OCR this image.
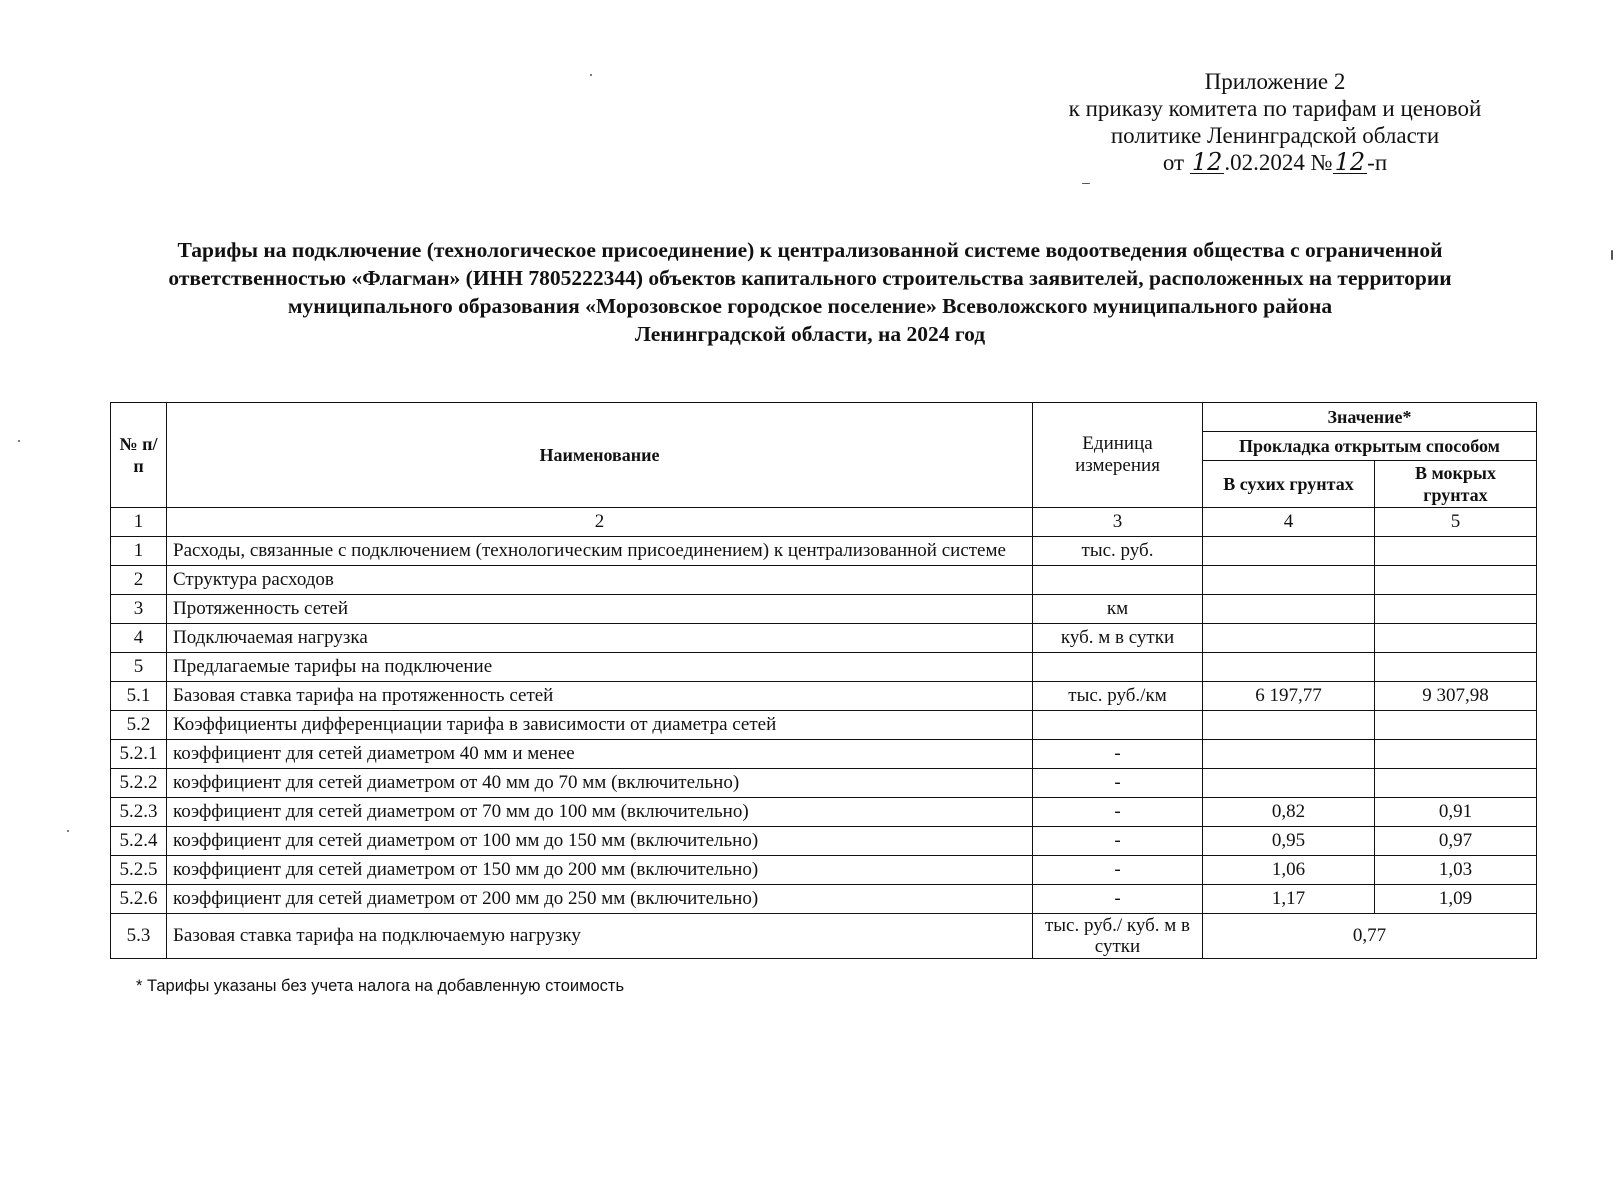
Приложение 2
к приказу комитета по тарифам и ценовой
политике Ленинградской области
от 12.02.2024 №12-п
Тарифы на подключение (технологическое присоединение) к централизованной системе водоотведения общества с ограниченной
ответственностью «Флагман» (ИНН 7805222344) объектов капитального строительства заявителей, расположенных на территории
муниципального образования «Морозовское городское поселение» Всеволожского муниципального района
Ленинградской области, на 2024 год
№ п/п	Наименование	Единица измерения	Значение*	
			Прокладка открытым способом	
			В сухих грунтах	В мокрых грунтах
1	2	3	4	5
1	Расходы, связанные с подключением (технологическим присоединением) к централизованной системе	тыс. руб.		
2	Структура расходов			
3	Протяженность сетей	км		
4	Подключаемая нагрузка	куб. м в сутки		
5	Предлагаемые тарифы на подключение			
5.1	Базовая ставка тарифа на протяженность сетей	тыс. руб./км	6 197,77	9 307,98
5.2	Коэффициенты дифференциации тарифа в зависимости от диаметра сетей			
5.2.1	коэффициент для сетей диаметром 40 мм и менее	-		
5.2.2	коэффициент для сетей диаметром от 40 мм до 70 мм (включительно)	-		
5.2.3	коэффициент для сетей диаметром от 70 мм до 100 мм (включительно)	-	0,82	0,91
5.2.4	коэффициент для сетей диаметром от 100 мм до 150 мм (включительно)	-	0,95	0,97
5.2.5	коэффициент для сетей диаметром от 150 мм до 200 мм (включительно)	-	1,06	1,03
5.2.6	коэффициент для сетей диаметром от 200 мм до 250 мм (включительно)	-	1,17	1,09
5.3	Базовая ставка тарифа на подключаемую нагрузку	тыс. руб./ куб. м в сутки	0,77	
* Тарифы указаны без учета налога на добавленную стоимость
